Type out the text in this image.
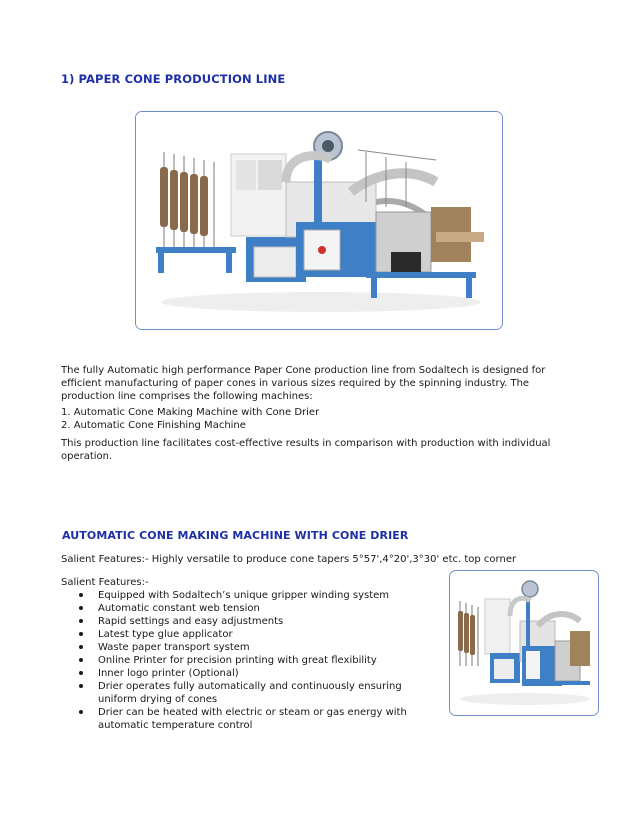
1) PAPER CONE PRODUCTION LINE
The fully Automatic high performance Paper Cone production line from Sodaltech is designed for efficient manufacturing of paper cones in various sizes required by the spinning industry. The production line comprises the following machines:
1. Automatic Cone Making Machine with Cone Drier
2. Automatic Cone Finishing Machine
This production line facilitates cost-effective results in comparison with production with individual operation.
AUTOMATIC CONE MAKING MACHINE WITH CONE DRIER
Salient Features:- Highly versatile to produce cone tapers 5°57',4°20',3°30' etc. top corner
Salient Features:-
Equipped with Sodaltech’s unique gripper winding system
Automatic constant web tension
Rapid settings and easy adjustments
Latest type glue applicator
Waste paper transport system
Online Printer for precision printing with great flexibility
Inner logo printer (Optional)
Drier operates fully automatically and continuously ensuring uniform drying of cones
Drier can be heated with electric or steam or gas energy with automatic temperature control
